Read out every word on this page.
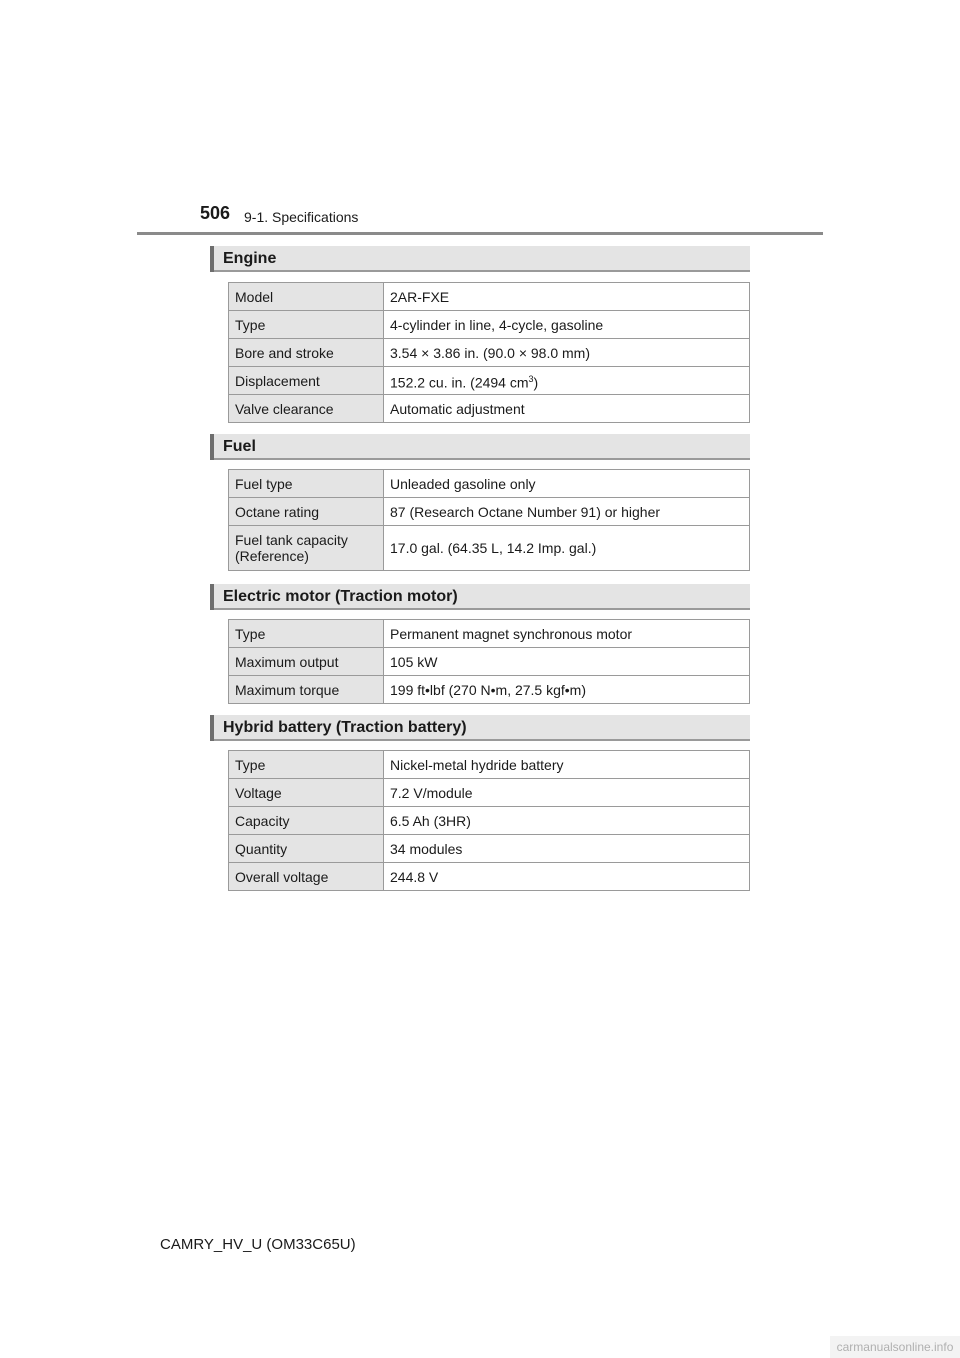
506 9-1. Specifications
Engine
Model	2AR-FXE
Type	4-cylinder in line, 4-cycle, gasoline
Bore and stroke	3.54 × 3.86 in. (90.0 × 98.0 mm)
Displacement	152.2 cu. in. (2494 $cm^3$)
Valve clearance	Automatic adjustment
Fuel
Fuel type	Unleaded gasoline only
Octane rating	87 (Research Octane Number 91) or higher
Fuel tank capacity (Reference)	17.0 gal. (64.35 L, 14.2 Imp. gal.)
Electric motor (Traction motor)
Type	Permanent magnet synchronous motor
Maximum output	105 kW
Maximum torque	199 ft•lbf (270 N•m, 27.5 kgf•m)
Hybrid battery (Traction battery)
Type	Nickel-metal hydride battery
Voltage	7.2 V/module
Capacity	6.5 Ah (3HR)
Quantity	34 modules
Overall voltage	244.8 V
CAMRY_HV_U (OM33C65U)
carmanualsonline.info
